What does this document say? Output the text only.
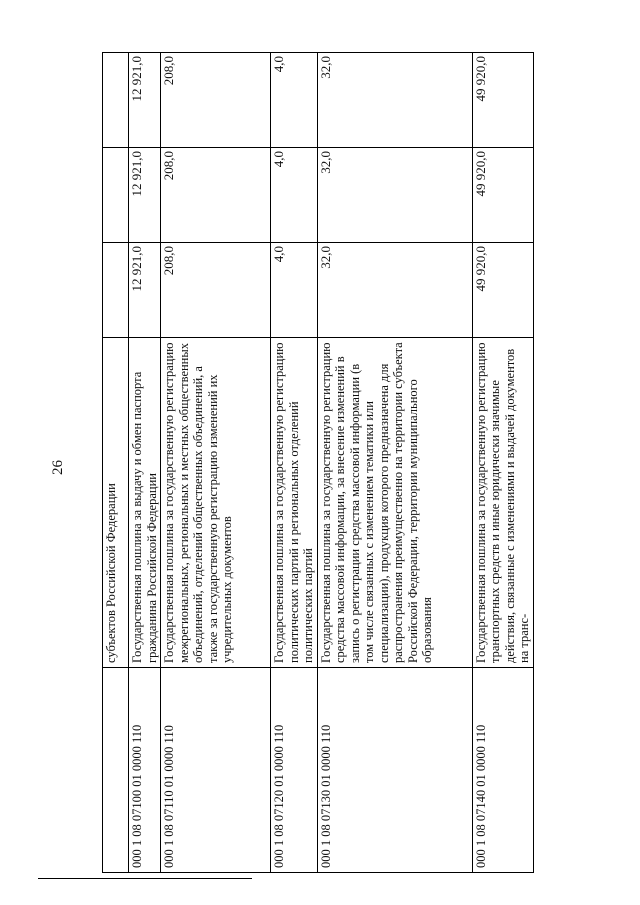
26
	субъектов Российской Федерации			
000 1 08 07100 01 0000 110	Государственная пошлина за выдачу и обмен паспорта гражданина Российской Федерации	12 921,0	12 921,0	12 921,0
000 1 08 07110 01 0000 110	Государственная пошлина за государственную регистрацию межрегиональных, региональных и местных общественных объединений, отделений общественных объединений, а также за государственную регистрацию изменений их учредительных документов	208,0	208,0	208,0
000 1 08 07120 01 0000 110	Государственная пошлина за государственную регистрацию политических партий и региональных отделений политических партий	4,0	4,0	4,0
000 1 08 07130 01 0000 110	Государственная пошлина за государственную регистрацию средства массовой информации, за внесение изменений в запись о регистрации средства массовой информации (в том числе связанных с изменением тематики или специализации), продукция которого предназначена для распространения преимущественно на территории субъекта Российской Федерации, территории муниципального образования	32,0	32,0	32,0
000 1 08 07140 01 0000 110	Государственная пошлина за государственную регистрацию транспортных средств и иные юридически значимые действия, связанные с изменениями и выдачей документов на транс-	49 920,0	49 920,0	49 920,0
